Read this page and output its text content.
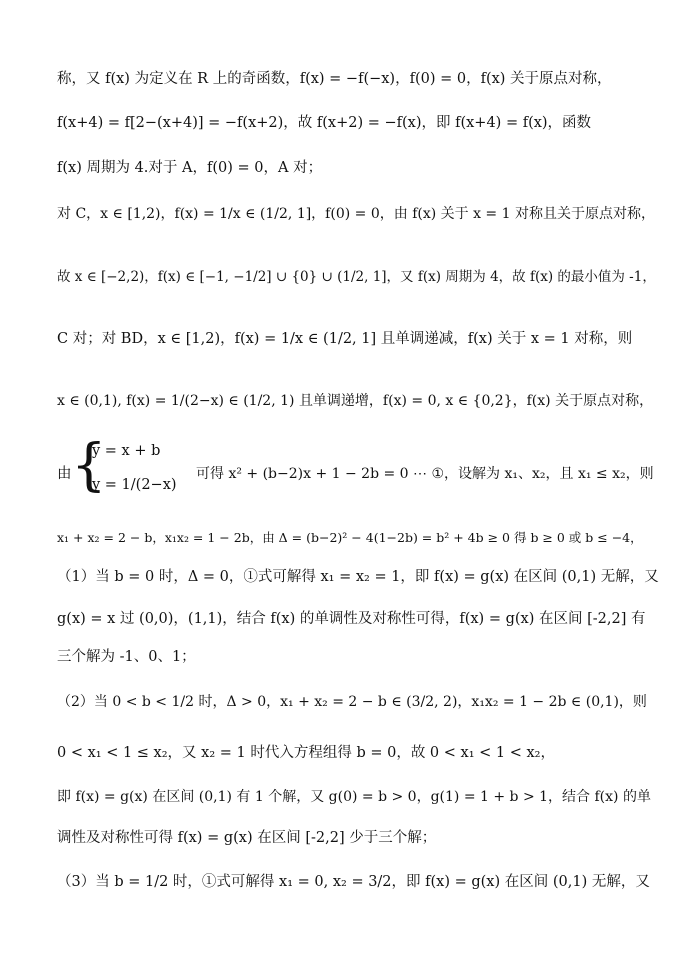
称，又 f(x) 为定义在 R 上的奇函数，f(x) = −f(−x)，f(0) = 0，f(x) 关于原点对称，
f(x+4) = f[2−(x+4)] = −f(x+2)，故 f(x+2) = −f(x)，即 f(x+4) = f(x)，函数
f(x) 周期为 4.对于 A，f(0) = 0，A 对；
对 C，x ∈ [1,2)，f(x) = 1/x ∈ (1/2, 1]，f(0) = 0，由 f(x) 关于 x = 1 对称且关于原点对称，
故 x ∈ [−2,2)，f(x) ∈ [−1, −1/2] ∪ {0} ∪ (1/2, 1]，又 f(x) 周期为 4，故 f(x) 的最小值为 -1，
C 对；对 BD，x ∈ [1,2)，f(x) = 1/x ∈ (1/2, 1] 且单调递减，f(x) 关于 x = 1 对称，则
x ∈ (0,1), f(x) = 1/(2−x) ∈ (1/2, 1) 且单调递增，f(x) = 0, x ∈ {0,2}，f(x) 关于原点对称，
由 {
y = x + b
y = 1/(2−x)
可得 x² + (b−2)x + 1 − 2b = 0 ⋯ ①，设解为 x₁、x₂，且 x₁ ≤ x₂，则
x₁ + x₂ = 2 − b，x₁x₂ = 1 − 2b，由 Δ = (b−2)² − 4(1−2b) = b² + 4b ≥ 0 得 b ≥ 0 或 b ≤ −4，
（1）当 b = 0 时，Δ = 0，①式可解得 x₁ = x₂ = 1，即 f(x) = g(x) 在区间 (0,1) 无解，又
g(x) = x 过 (0,0)，(1,1)，结合 f(x) 的单调性及对称性可得，f(x) = g(x) 在区间 [-2,2] 有
三个解为 -1、0、1；
（2）当 0 < b < 1/2 时，Δ > 0，x₁ + x₂ = 2 − b ∈ (3/2, 2)，x₁x₂ = 1 − 2b ∈ (0,1)，则
0 < x₁ < 1 ≤ x₂，又 x₂ = 1 时代入方程组得 b = 0，故 0 < x₁ < 1 < x₂，
即 f(x) = g(x) 在区间 (0,1) 有 1 个解，又 g(0) = b > 0，g(1) = 1 + b > 1，结合 f(x) 的单
调性及对称性可得 f(x) = g(x) 在区间 [-2,2] 少于三个解；
（3）当 b = 1/2 时，①式可解得 x₁ = 0, x₂ = 3/2，即 f(x) = g(x) 在区间 (0,1) 无解，又
